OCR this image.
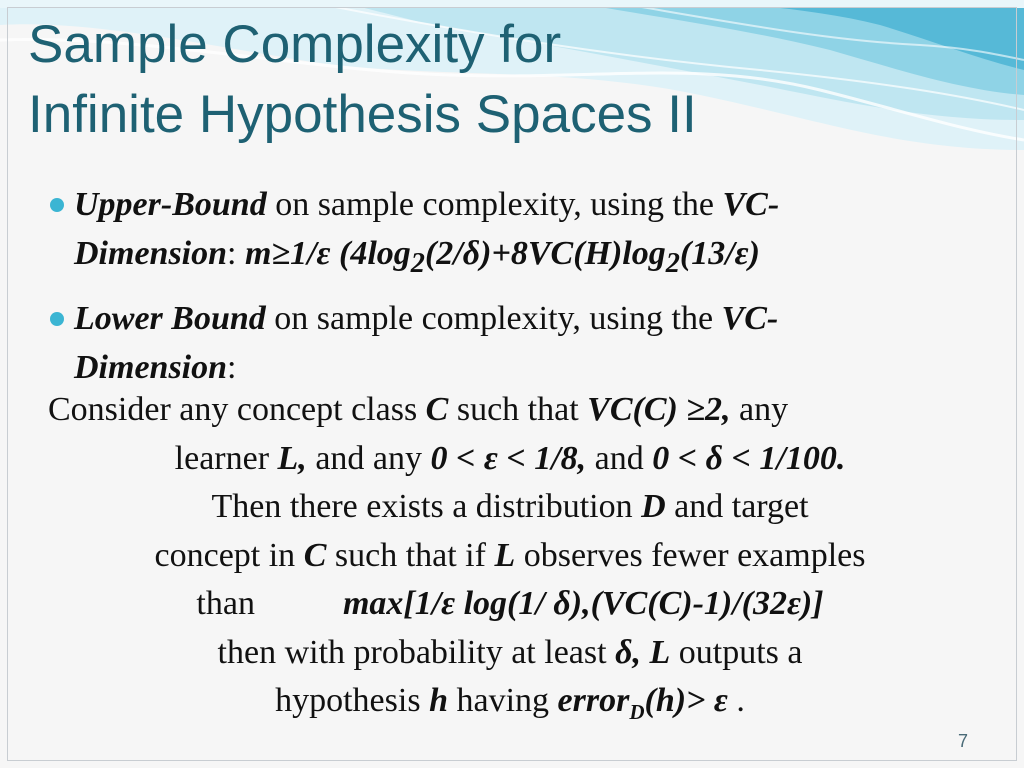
Sample Complexity for
Infinite Hypothesis Spaces II
Upper-Bound on sample complexity, using the VC-
Dimension: m≥1/ε ($4\log_2(2/\delta)+8VC(H)\log_2(13/\varepsilon)$
Lower Bound on sample complexity, using the VC-
Dimension:
Consider any concept class C such that VC(C) ≥2, any
learner L, and any 0 < ε < 1/8, and 0 < δ < 1/100.
Then there exists a distribution D and target
concept in C such that if L observes fewer examples
than	max[1/ε log(1/ δ),(VC(C)-1)/(32ε)]
then with probability at least δ, L outputs a
hypothesis h having error$_D$(h)> ε .
7
